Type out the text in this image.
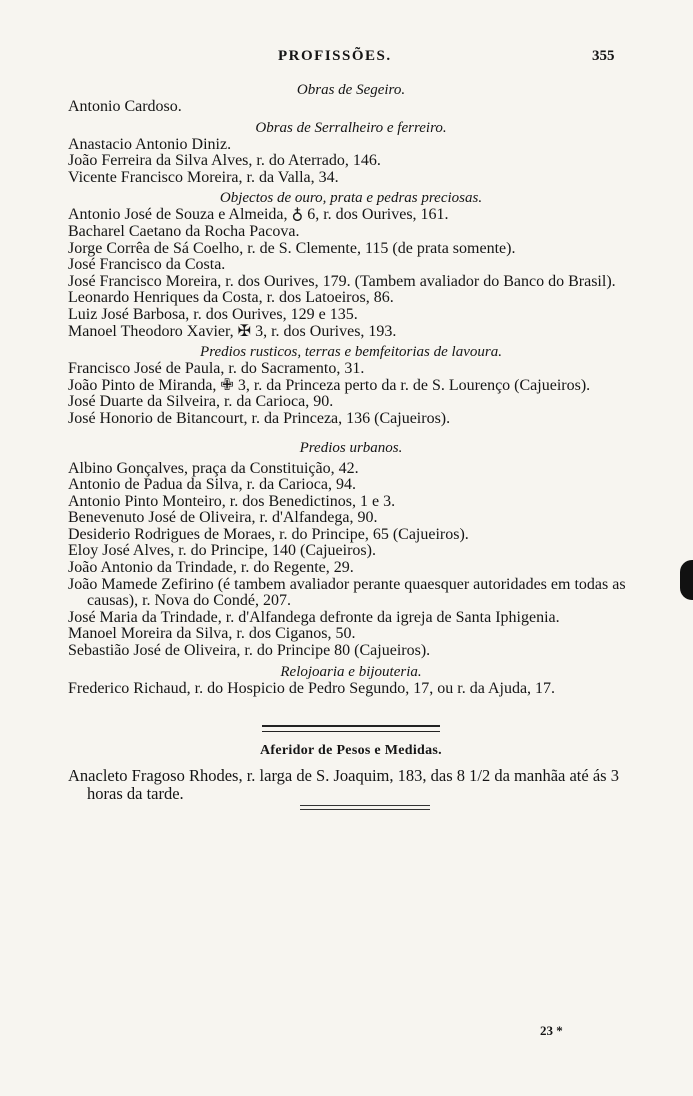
PROFISSÕES.	355

Obras de Segeiro.

Antonio Cardoso.

Obras de Serralheiro e ferreiro.

Anastacio Antonio Diniz.

João Ferreira da Silva Alves, r. do Aterrado, 146.

Vicente Francisco Moreira, r. da Valla, 34.

Objectos de ouro, prata e pedras preciosas.

Antonio José de Souza e Almeida, ♁ 6, r. dos Ourives, 161.

Bacharel Caetano da Rocha Pacova.

Jorge Corrêa de Sá Coelho, r. de S. Clemente, 115 (de prata somente).

José Francisco da Costa.

José Francisco Moreira, r. dos Ourives, 179. (Tambem avaliador do Banco do Brasil).

Leonardo Henriques da Costa, r. dos Latoeiros, 86.

Luiz José Barbosa, r. dos Ourives, 129 e 135.

Manoel Theodoro Xavier, ✠ 3, r. dos Ourives, 193.

Predios rusticos, terras e bemfeitorias de lavoura.

Francisco José de Paula, r. do Sacramento, 31.

João Pinto de Miranda, ✙ 3, r. da Princeza perto da r. de S. Lourenço (Cajueiros).

José Duarte da Silveira, r. da Carioca, 90.

José Honorio de Bitancourt, r. da Princeza, 136 (Cajueiros).

Predios urbanos.

Albino Gonçalves, praça da Constituição, 42.

Antonio de Padua da Silva, r. da Carioca, 94.

Antonio Pinto Monteiro, r. dos Benedictinos, 1 e 3.

Benevenuto José de Oliveira, r. d'Alfandega, 90.

Desiderio Rodrigues de Moraes, r. do Principe, 65 (Cajueiros).

Eloy José Alves, r. do Principe, 140 (Cajueiros).

João Antonio da Trindade, r. do Regente, 29.

João Mamede Zefirino (é tambem avaliador perante quaesquer autoridades em todas as causas), r. Nova do Condé, 207.

José Maria da Trindade, r. d'Alfandega defronte da igreja de Santa Iphigenia.

Manoel Moreira da Silva, r. dos Ciganos, 50.

Sebastião José de Oliveira, r. do Principe 80 (Cajueiros).

Relojoaria e bijouteria.

Frederico Richaud, r. do Hospicio de Pedro Segundo, 17, ou r. da Ajuda, 17.

Aferidor de Pesos e Medidas.

Anacleto Fragoso Rhodes, r. larga de S. Joaquim, 183, das 8 1/2 da manhãa até ás 3 horas da tarde.

23 *
